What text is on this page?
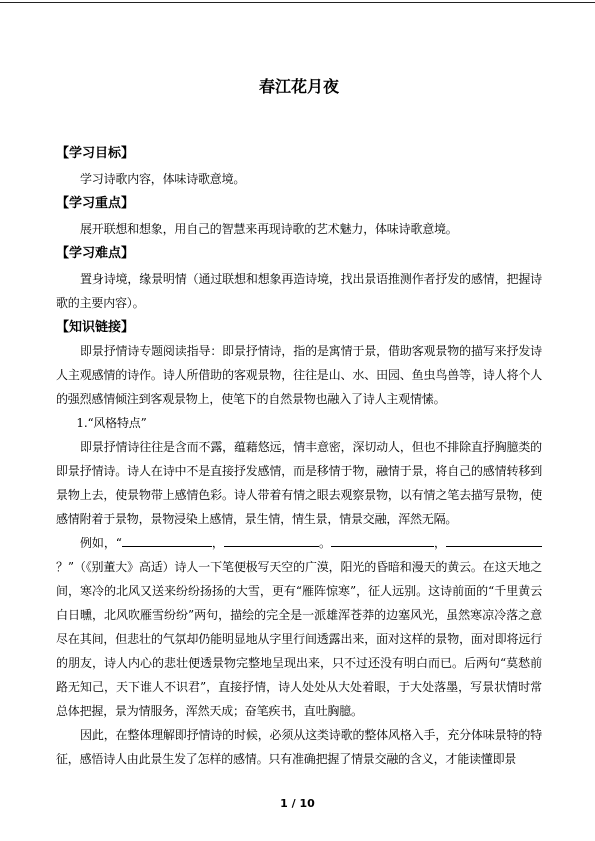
春江花月夜

【学习目标】

学习诗歌内容，体味诗歌意境。

【学习重点】

展开联想和想象，用自己的智慧来再现诗歌的艺术魅力，体味诗歌意境。

【学习难点】

置身诗境，缘景明情（通过联想和想象再造诗境，找出景语推测作者抒发的感情，把握诗歌的主要内容）。

【知识链接】

即景抒情诗专题阅读指导：即景抒情诗，指的是寓情于景，借助客观景物的描写来抒发诗人主观感情的诗作。诗人所借助的客观景物，往往是山、水、田园、鱼虫鸟兽等，诗人将个人的强烈感情倾注到客观景物上，使笔下的自然景物也融入了诗人主观情愫。

1.“风格特点”

即景抒情诗往往是含而不露，蕴藉悠远，情丰意密，深切动人，但也不排除直抒胸臆类的即景抒情诗。诗人在诗中不是直接抒发感情，而是移情于物，融情于景，将自己的感情转移到景物上去，使景物带上感情色彩。诗人带着有情之眼去观察景物，以有情之笔去描写景物，使感情附着于景物，景物浸染上感情，景生情，情生景，情景交融，浑然无隔。

例如，“	，	。	，？”（《别董大》高适）诗人一下笔便极写天空的广漠，阳光的昏暗和漫天的黄云。在这天地之间，寒冷的北风又送来纷纷扬扬的大雪，更有“雁阵惊寒”，征人远别。这诗前面的“千里黄云白日曛，北风吹雁雪纷纷”两句，描绘的完全是一派雄浑苍莽的边塞风光，虽然寒凉冷落之意尽在其间，但悲壮的气氛却仍能明显地从字里行间透露出来，面对这样的景物，面对即将远行的朋友，诗人内心的悲壮便透景物完整地呈现出来，只不过还没有明白而已。后两句“莫愁前路无知己，天下谁人不识君”，直接抒情，诗人处处从大处着眼，于大处落墨，写景状情时常总体把握，景为情服务，浑然天成；奋笔疾书，直吐胸臆。

因此，在整体理解即抒情诗的时候，必须从这类诗歌的整体风格入手，充分体味景特的特征，感悟诗人由此景生发了怎样的感情。只有准确把握了情景交融的含义，才能读懂即景

1 / 10
